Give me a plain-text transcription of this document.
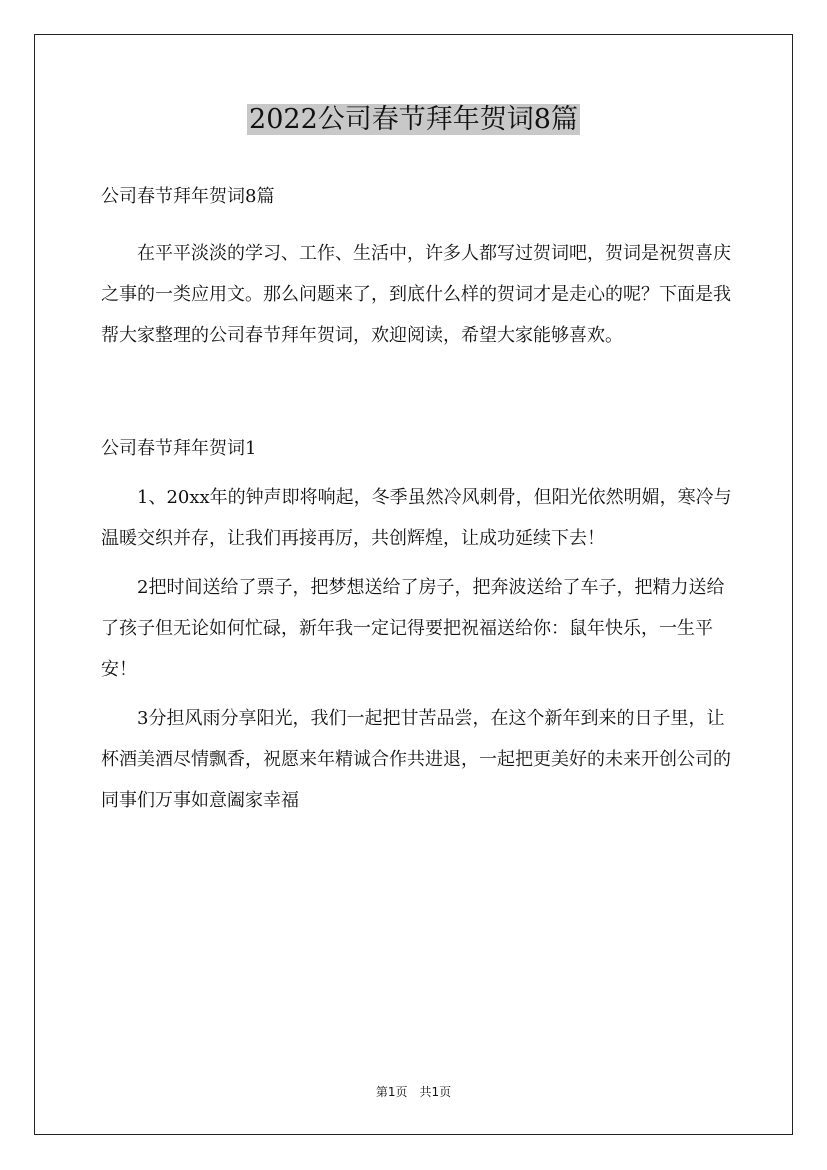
2022公司春节拜年贺词8篇

公司春节拜年贺词8篇

在平平淡淡的学习、工作、生活中，许多人都写过贺词吧，贺词是祝贺喜庆之事的一类应用文。那么问题来了，到底什么样的贺词才是走心的呢？下面是我帮大家整理的公司春节拜年贺词，欢迎阅读，希望大家能够喜欢。

公司春节拜年贺词1

1、20xx年的钟声即将响起，冬季虽然冷风刺骨，但阳光依然明媚，寒冷与温暖交织并存，让我们再接再厉，共创辉煌，让成功延续下去！

2把时间送给了票子，把梦想送给了房子，把奔波送给了车子，把精力送给了孩子但无论如何忙碌，新年我一定记得要把祝福送给你：鼠年快乐，一生平安！

3分担风雨分享阳光，我们一起把甘苦品尝，在这个新年到来的日子里，让杯酒美酒尽情飘香，祝愿来年精诚合作共进退，一起把更美好的未来开创公司的同事们万事如意阖家幸福

第1页　共1页
